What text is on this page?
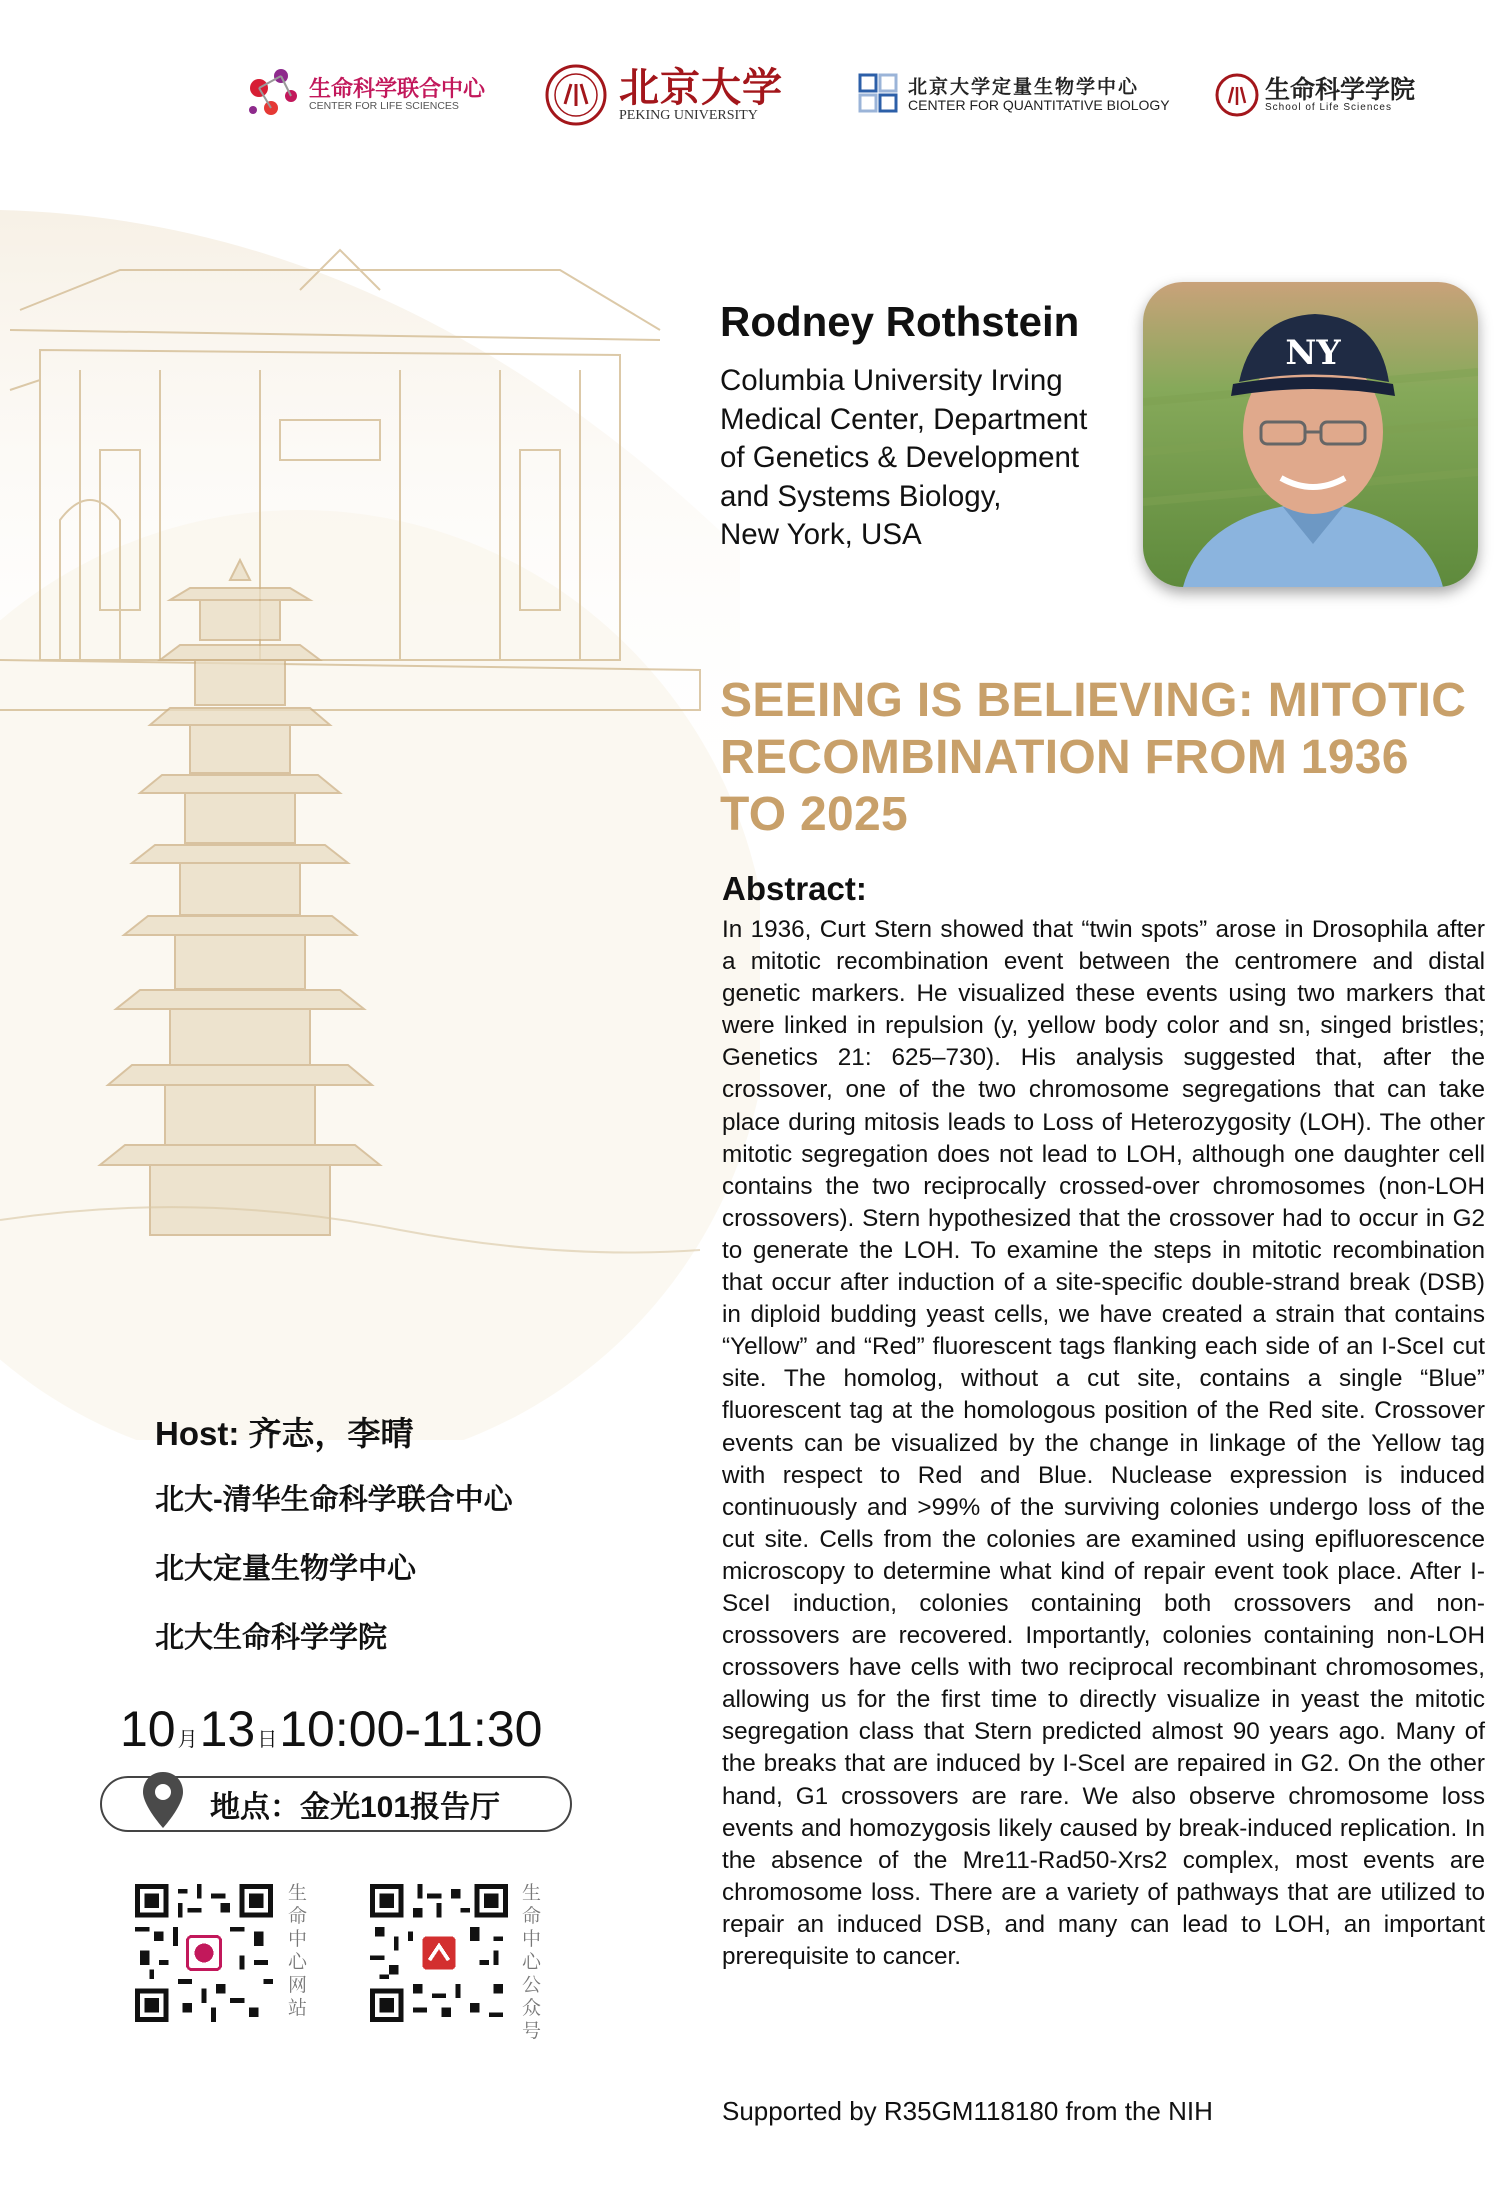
生命科学联合中心
CENTER FOR LIFE SCIENCES	北京大学
PEKING UNIVERSITY
北京大学定量生物学中心
CENTER FOR QUANTITATIVE BIOLOGY
生命科学学院
School of Life Sciences
Rodney Rothstein
Columbia University Irving
Medical Center, Department
of Genetics & Development
and Systems Biology,
New York, USA
NY
SEEING IS BELIEVING: MITOTIC
RECOMBINATION FROM 1936
TO 2025
Abstract:
In 1936, Curt Stern showed that “twin spots” arose in Drosophila after a mitotic recombination event between the centromere and distal genetic markers. He visualized these events using two markers that were linked in repulsion (y, yellow body color and sn, singed bristles; Genetics 21: 625–730). His analysis suggested that, after the crossover, one of the two chromosome segregations that can take place during mitosis leads to Loss of Heterozygosity (LOH). The other mitotic segregation does not lead to LOH, although one daughter cell contains the two reciprocally crossed-over chromosomes (non-LOH crossovers). Stern hypothesized that the crossover had to occur in G2 to generate the LOH. To examine the steps in mitotic recombination that occur after induction of a site-specific double-strand break (DSB) in diploid budding yeast cells, we have created a strain that contains “Yellow” and “Red” fluorescent tags flanking each side of an I-SceI cut site. The homolog, without a cut site, contains a single “Blue” fluorescent tag at the homologous position of the Red site. Crossover events can be visualized by the change in linkage of the Yellow tag with respect to Red and Blue. Nuclease expression is induced continuously and >99% of the surviving colonies undergo loss of the cut site. Cells from the colonies are examined using epifluorescence microscopy to determine what kind of repair event took place. After I-SceI induction, colonies containing both crossovers and non-crossovers are recovered. Importantly, colonies containing non-LOH crossovers have cells with two reciprocal recombinant chromosomes, allowing us for the first time to directly visualize in yeast the mitotic segregation class that Stern predicted almost 90 years ago. Many of the breaks that are induced by I-SceI are repaired in G2. On the other hand, G1 crossovers are rare. We also observe chromosome loss events and homozygosis likely caused by break-induced replication. In the absence of the Mre11-Rad50-Xrs2 complex, most events are chromosome loss. There are a variety of pathways that are utilized to repair an induced DSB, and many can lead to LOH, an important prerequisite to cancer.
Supported by R35GM118180 from the NIH
Host: 齐志，李晴
北大-清华生命科学联合中心
北大定量生物学中心
北大生命科学学院
10 月13 日10:00-11:30
地点：金光101报告厅
生命中心网站
生命中心公众号
